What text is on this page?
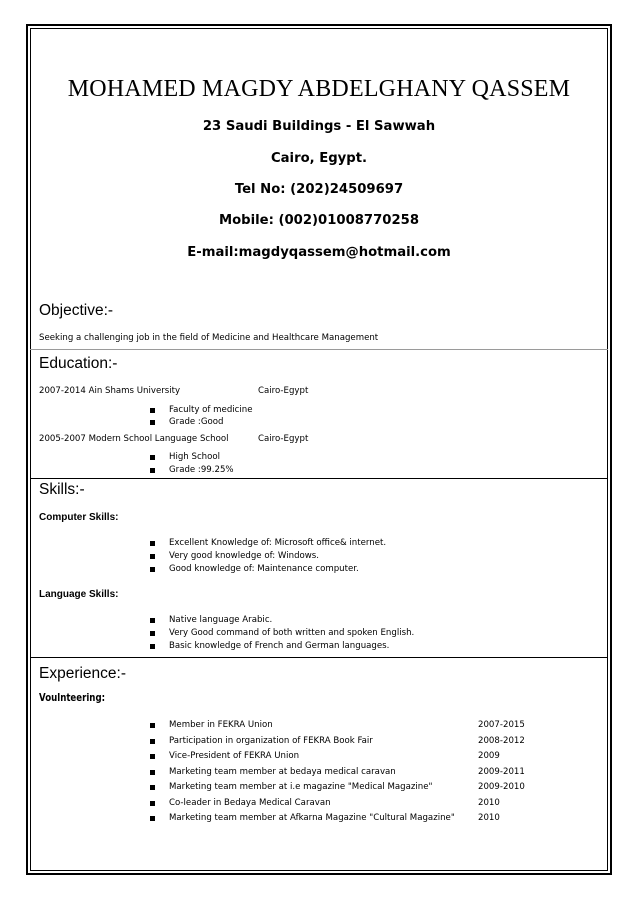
MOHAMED MAGDY ABDELGHANY QASSEM
23 Saudi Buildings - El Sawwah
Cairo, Egypt.
Tel No: (202)24509697
Mobile: (002)01008770258
E-mail:magdyqassem@hotmail.com
Objective:-
Seeking a challenging job in the field of Medicine and Healthcare Management
Education:-
2007-2014 Ain Shams University	Cairo-Egypt
Faculty of medicine
Grade :Good
2005-2007 Modern School Language School	Cairo-Egypt
High School
Grade :99.25%
Skills:-
Computer Skills:
Excellent Knowledge of: Microsoft office& internet.
Very good knowledge of: Windows.
Good knowledge of: Maintenance computer.
Language Skills:
Native language Arabic.
Very Good command of both written and spoken English.
Basic knowledge of French and German languages.
Experience:-
Voulnteering:
Member in FEKRA Union	2007-2015
Participation in organization of FEKRA Book Fair	2008-2012
Vice-President of FEKRA Union	2009
Marketing team member at bedaya medical caravan	2009-2011
Marketing team member at i.e magazine "Medical Magazine"	2009-2010
Co-leader in Bedaya Medical Caravan	2010
Marketing team member at Afkarna Magazine "Cultural Magazine"	2010
